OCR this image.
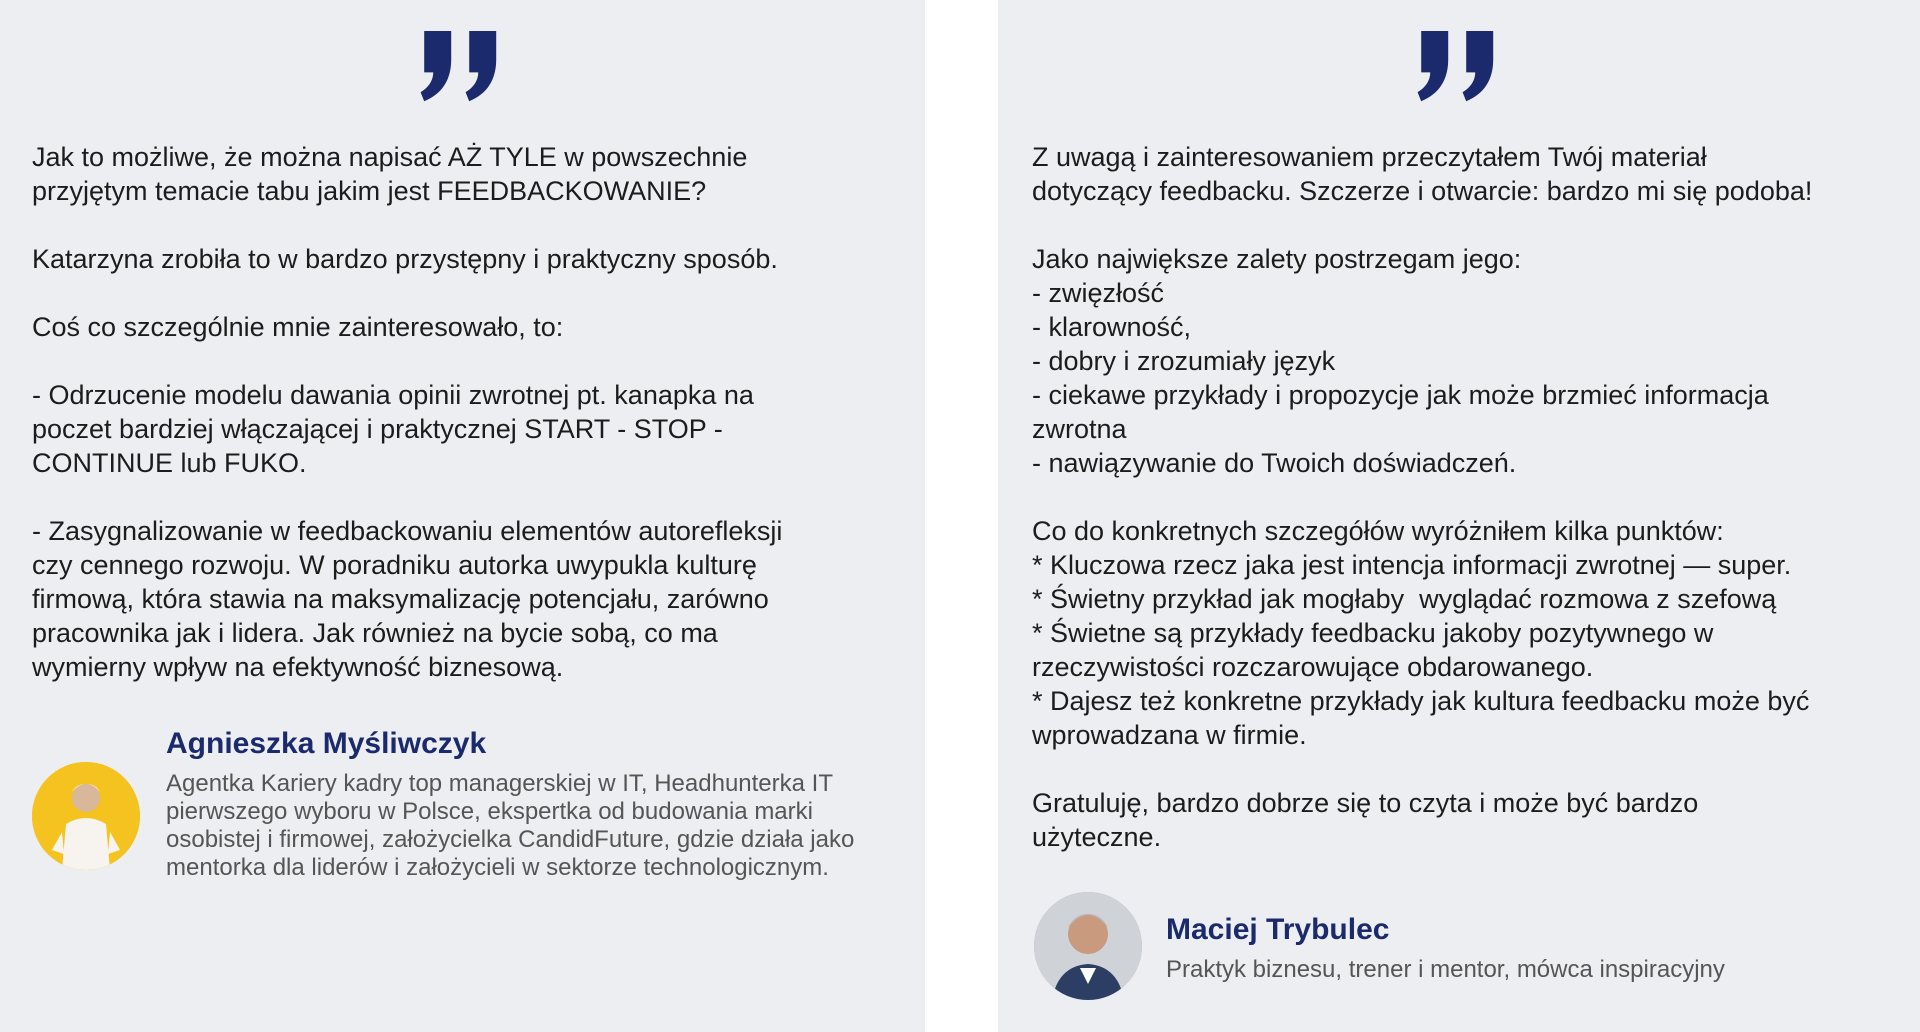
Jak to możliwe, że można napisać AŻ TYLE w powszechnie
przyjętym temacie tabu jakim jest FEEDBACKOWANIE?

Katarzyna zrobiła to w bardzo przystępny i praktyczny sposób.

Coś co szczególnie mnie zainteresowało, to:

- Odrzucenie modelu dawania opinii zwrotnej pt. kanapka na
poczet bardziej włączającej i praktycznej START - STOP -
CONTINUE lub FUKO.

- Zasygnalizowanie w feedbackowaniu elementów autorefleksji
czy cennego rozwoju. W poradniku autorka uwypukla kulturę
firmową, która stawia na maksymalizację potencjału, zarówno
pracownika jak i lidera. Jak również na bycie sobą, co ma
wymierny wpływ na efektywność biznesową.

Agnieszka Myśliwczyk

Agentka Kariery kadry top managerskiej w IT, Headhunterka IT pierwszego wyboru w Polsce, ekspertka od budowania marki osobistej i firmowej, założycielka CandidFuture, gdzie działa jako mentorka dla liderów i założycieli w sektorze technologicznym.

Z uwagą i zainteresowaniem przeczytałem Twój materiał
dotyczący feedbacku. Szczerze i otwarcie: bardzo mi się podoba!

Jako największe zalety postrzegam jego:
- zwięzłość
- klarowność,
- dobry i zrozumiały język
- ciekawe przykłady i propozycje jak może brzmieć informacja
zwrotna
- nawiązywanie do Twoich doświadczeń.

Co do konkretnych szczegółów wyróżniłem kilka punktów:
* Kluczowa rzecz jaka jest intencja informacji zwrotnej — super.
* Świetny przykład jak mogłaby  wyglądać rozmowa z szefową
* Świetne są przykłady feedbacku jakoby pozytywnego w
rzeczywistości rozczarowujące obdarowanego.
* Dajesz też konkretne przykłady jak kultura feedbacku może być
wprowadzana w firmie.

Gratuluję, bardzo dobrze się to czyta i może być bardzo
użyteczne.

Maciej Trybulec

Praktyk biznesu, trener i mentor, mówca inspiracyjny
